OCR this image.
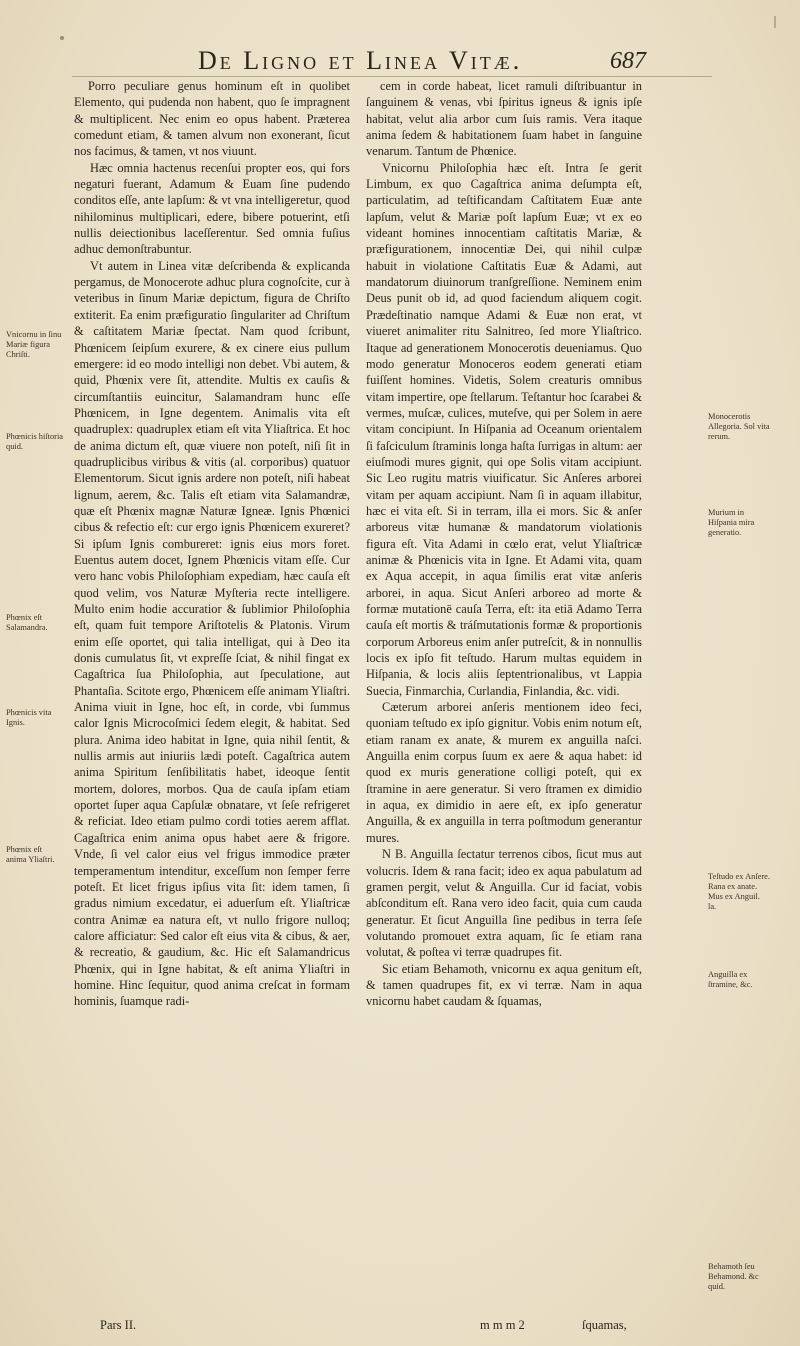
De Ligno et Linea Vitæ.	687

Porro peculiare genus hominum eſt in quolibet Elemento, qui pudenda non habent, quo ſe impragnent & multiplicent. Nec enim eo opus habent. Præterea comedunt etiam, & tamen alvum non exonerant, ſicut nos facimus, & tamen, vt nos viuunt.

Hæc omnia hactenus recenſui propter eos, qui fors negaturi fuerant, Adamum & Euam ſine pudendo conditos eſſe, ante lapſum: & vt vna intelligeretur, quod nihilominus multiplicari, edere, bibere potuerint, etſi nullis deiectionibus laceſſerentur. Sed omnia fuſius adhuc demonſtrabuntur.

Vt autem in Linea vitæ deſcribenda & explicanda pergamus, de Monocerote adhuc plura cognoſcite, cur à veteribus in ſinum Mariæ depictum, figura de Chriſto extiterit. Ea enim præfiguratio ſingulariter ad Chriſtum & caſtitatem Mariæ ſpectat. Nam quod ſcribunt, Phœnicem ſeipſum exurere, & ex cinere eius pullum emergere: id eo modo intelligi non debet. Vbi autem, & quid, Phœnix vere ſit, attendite. Multis ex cauſis & circumſtantiis euincitur, Salamandram hunc eſſe Phœnicem, in Igne degentem. Animalis vita eſt quadruplex: quadruplex etiam eſt vita Yliaſtrica. Et hoc de anima dictum eſt, quæ viuere non poteſt, niſi ſit in quadruplicibus viribus & vitis (al. corporibus) quatuor Elementorum. Sicut ignis ardere non poteſt, niſi habeat lignum, aerem, &c. Talis eſt etiam vita Salamandræ, quæ eſt Phœnix magnæ Naturæ Igneæ. Ignis Phœnici cibus & refectio eſt: cur ergo ignis Phœnicem exureret? Si ipſum Ignis combureret: ignis eius mors foret. Euentus autem docet, Ignem Phœnicis vitam eſſe. Cur vero hanc vobis Philoſophiam expediam, hæc cauſa eſt quod velim, vos Naturæ Myſteria recte intelligere. Multo enim hodie accuratior & ſublimior Philoſophia eſt, quam fuit tempore Ariſtotelis & Platonis. Virum enim eſſe oportet, qui talia intelligat, qui à Deo ita donis cumulatus ſit, vt expreſſe ſciat, & nihil fingat ex Cagaſtrica ſua Philoſophia, aut ſpeculatione, aut Phantaſia. Scitote ergo, Phœnicem eſſe animam Yliaſtri. Anima viuit in Igne, hoc eſt, in corde, vbi ſummus calor Ignis Microcoſmici ſedem elegit, & habitat. Sed plura. Anima ideo habitat in Igne, quia nihil ſentit, & nullis armis aut iniuriis lædi poteſt. Cagaſtrica autem anima Spiritum ſenſibilitatis habet, ideoque ſentit mortem, dolores, morbos. Qua de cauſa ipſam etiam oportet ſuper aqua Capſulæ obnatare, vt ſeſe refrigeret & reficiat. Ideo etiam pulmo cordi toties aerem afflat. Cagaſtrica enim anima opus habet aere & frigore. Vnde, ſi vel calor eius vel frigus immodice præter temperamentum intenditur, exceſſum non ſemper ferre poteſt. Et licet frigus ipſius vita ſit: idem tamen, ſi gradus nimium excedatur, ei aduerſum eſt. Yliaſtricæ contra Animæ ea natura eſt, vt nullo frigore nulloq; calore afficiatur: Sed calor eſt eius vita & cibus, & aer, & recreatio, & gaudium, &c. Hic eſt Salamandricus Phœnix, qui in Igne habitat, & eſt anima Yliaſtri in homine. Hinc ſequitur, quod anima creſcat in formam hominis, ſuamque radi-

cem in corde habeat, licet ramuli diſtribuantur in ſanguinem & venas, vbi ſpiritus igneus & ignis ipſe habitat, velut alia arbor cum ſuis ramis. Vera itaque anima ſedem & habitationem ſuam habet in ſanguine venarum. Tantum de Phœnice.

Vnicornu Philoſophia hæc eſt. Intra ſe gerit Limbum, ex quo Cagaſtrica anima deſumpta eſt, particulatim, ad teſtificandam Caſtitatem Euæ ante lapſum, velut & Mariæ poſt lapſum Euæ; vt ex eo videant homines innocentiam caſtitatis Mariæ, & præfigurationem, innocentiæ Dei, qui nihil culpæ habuit in violatione Caſtitatis Euæ & Adami, aut mandatorum diuinorum tranſgreſſione. Neminem enim Deus punit ob id, ad quod faciendum aliquem cogit. Prædeſtinatio namque Adami & Euæ non erat, vt viueret animaliter ritu Salnitreo, ſed more Yliaſtrico. Itaque ad generationem Monocerotis deueniamus. Quo modo generatur Monoceros eodem generati etiam fuiſſent homines. Videtis, Solem creaturis omnibus vitam impertire, ope ſtellarum. Teſtantur hoc ſcarabei & vermes, muſcæ, culices, muteſve, qui per Solem in aere vitam concipiunt. In Hiſpania ad Oceanum orientalem ſi faſciculum ſtraminis longa haſta ſurrigas in altum: aer eiuſmodi mures gignit, qui ope Solis vitam accipiunt. Sic Leo rugitu matris viuificatur. Sic Anſeres arborei vitam per aquam accipiunt. Nam ſi in aquam illabitur, hæc ei vita eſt. Si in terram, illa ei mors. Sic & anſer arboreus vitæ humanæ & mandatorum violationis figura eſt. Vita Adami in cœlo erat, velut Yliaſtricæ animæ & Phœnicis vita in Igne. Et Adami vita, quam ex Aqua accepit, in aqua ſimilis erat vitæ anſeris arborei, in aqua. Sicut Anſeri arboreo ad morte & formæ mutationē cauſa Terra, eſt: ita etiā Adamo Terra cauſa eſt mortis & tráſmutationis formæ & proportionis corporum Arboreus enim anſer putreſcit, & in nonnullis locis ex ipſo fit teſtudo. Harum multas equidem in Hiſpania, & locis aliis ſeptentrionalibus, vt Lappia Suecia, Finmarchia, Curlandia, Finlandia, &c. vidi.

Cæterum arborei anſeris mentionem ideo feci, quoniam teſtudo ex ipſo gignitur. Vobis enim notum eſt, etiam ranam ex anate, & murem ex anguilla naſci. Anguilla enim corpus ſuum ex aere & aqua habet: id quod ex muris generatione colligi poteſt, qui ex ſtramine in aere generatur. Si vero ſtramen ex dimidio in aqua, ex dimidio in aere eſt, ex ipſo generatur Anguilla, & ex anguilla in terra poſtmodum generantur mures.

N B. Anguilla ſectatur terrenos cibos, ſicut mus aut volucris. Idem & rana facit; ideo ex aqua pabulatum ad gramen pergit, velut & Anguilla. Cur id faciat, vobis abſconditum eſt. Rana vero ideo facit, quia cum cauda generatur. Et ſicut Anguilla ſine pedibus in terra ſeſe volutando promouet extra aquam, ſic ſe etiam rana volutat, & poſtea vi terræ quadrupes fit.

Sic etiam Behamoth, vnicornu ex aqua genitum eſt, & tamen quadrupes fit, ex vi terræ. Nam in aqua vnicornu habet caudam & ſquamas,

Vnicornu in ſinu Mariæ figura Chriſti.
Phœnicis hiſtoria quid.
Phœnix eſt Salamandra.
Phœnicis vita Ignis.
Phœnix eſt anima Yliaſtri.
Monocerotis Allegoria. Sol vita rerum.
Murium in Hiſpania mira generatio.
Teſtudo ex Anſere. Rana ex anate. Mus ex Anguil. la.
Anguilla ex ſtramine, &c.
Behamoth ſeu Behamond. &c quid.
Pars II.	m m m 2	ſquamas,
